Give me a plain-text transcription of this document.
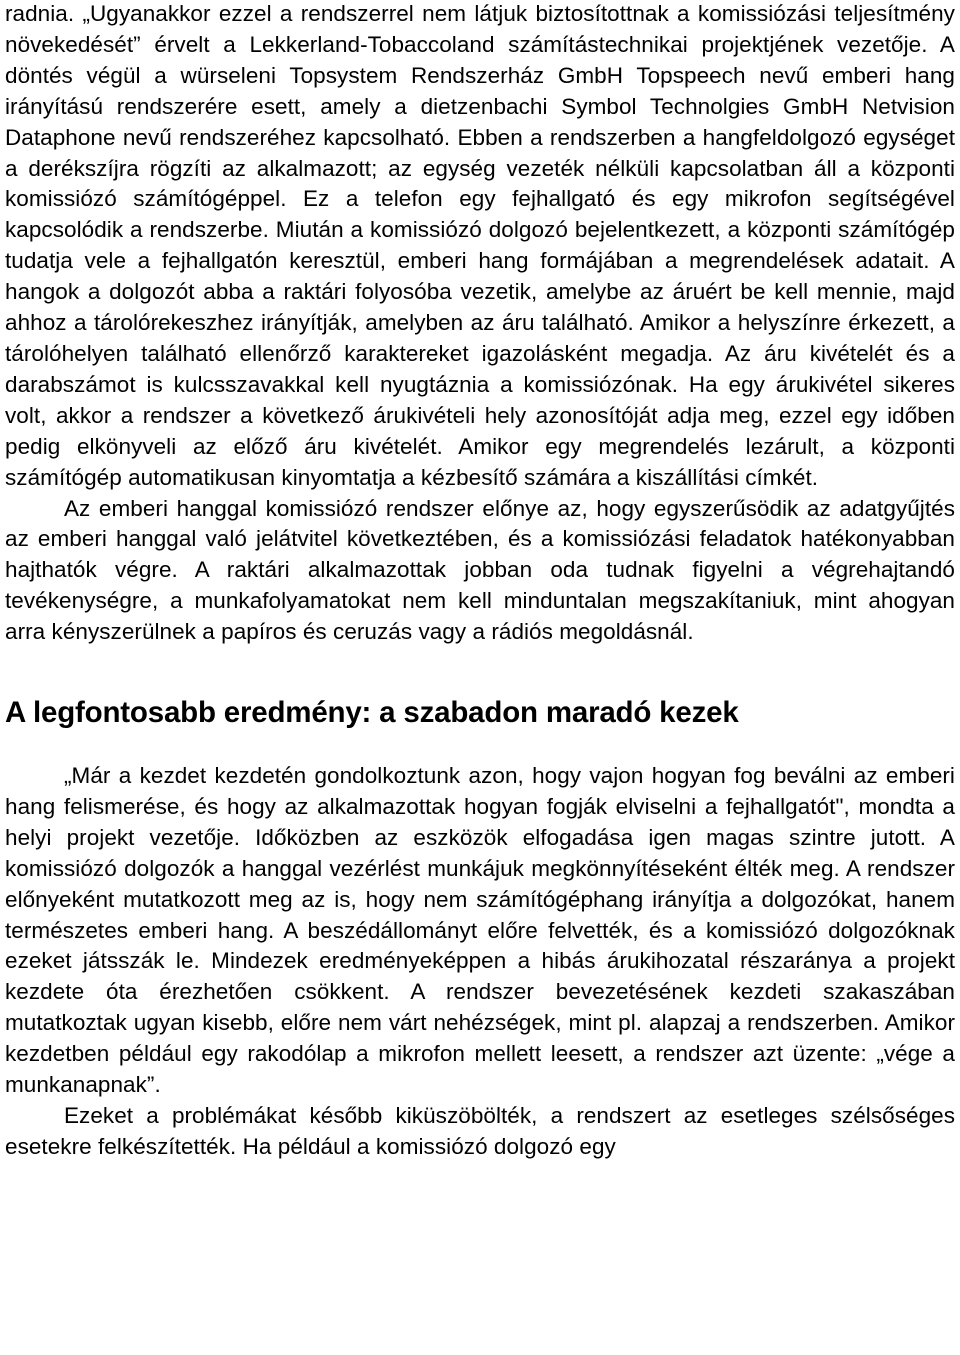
radnia. „Ugyanakkor ezzel a rendszerrel nem látjuk biztosítottnak a komissiózási teljesítmény növekedését” érvelt a Lekkerland-Tobaccoland számítástechnikai projektjének vezetője. A döntés végül a würseleni Topsystem Rendszerház GmbH Topspeech nevű emberi hang irányítású rendszerére esett, amely a dietzenbachi Symbol Technolgies GmbH Netvision Dataphone nevű rendszeréhez kapcsolható. Ebben a rendszerben a hangfeldolgozó egységet a derékszíjra rögzíti az alkalmazott; az egység vezeték nélküli kapcsolatban áll a központi komissiózó számítógéppel. Ez a telefon egy fejhallgató és egy mikrofon segítségével kapcsolódik a rendszerbe. Miután a komissiózó dolgozó bejelentkezett, a központi számítógép tudatja vele a fejhallgatón keresztül, emberi hang formájában a megrendelések adatait. A hangok a dolgozót abba a raktári folyosóba vezetik, amelybe az áruért be kell mennie, majd ahhoz a tárolórekeszhez irányítják, amelyben az áru található. Amikor a helyszínre érkezett, a tárolóhelyen található ellenőrző karaktereket igazolásként megadja. Az áru kivételét és a darabszámot is kulcsszavakkal kell nyugtáznia a komissiózónak. Ha egy árukivétel sikeres volt, akkor a rendszer a következő árukivételi hely azonosítóját adja meg, ezzel egy időben pedig elkönyveli az előző áru kivételét. Amikor egy megrendelés lezárult, a központi számítógép automatikusan kinyomtatja a kézbesítő számára a kiszállítási címkét.

Az emberi hanggal komissiózó rendszer előnye az, hogy egyszerűsödik az adatgyűjtés az emberi hanggal való jelátvitel következtében, és a komissiózási feladatok hatékonyabban hajthatók végre. A raktári alkalmazottak jobban oda tudnak figyelni a végrehajtandó tevékenységre, a munkafolyamatokat nem kell minduntalan megszakítaniuk, mint ahogyan arra kényszerülnek a papíros és ceruzás vagy a rádiós megoldásnál.

A legfontosabb eredmény: a szabadon maradó kezek

„Már a kezdet kezdetén gondolkoztunk azon, hogy vajon hogyan fog beválni az emberi hang felismerése, és hogy az alkalmazottak hogyan fogják elviselni a fejhallgatót", mondta a helyi projekt vezetője. Időközben az eszközök elfogadása igen magas szintre jutott. A komissiózó dolgozók a hanggal vezérlést munkájuk megkönnyítéseként élték meg. A rendszer előnyeként mutatkozott meg az is, hogy nem számítógéphang irányítja a dolgozókat, hanem természetes emberi hang. A beszédállományt előre felvették, és a komissiózó dolgozóknak ezeket játsszák le. Mindezek eredményeképpen a hibás árukihozatal részaránya a projekt kezdete óta érezhetően csökkent. A rendszer bevezetésének kezdeti szakaszában mutatkoztak ugyan kisebb, előre nem várt nehézségek, mint pl. alapzaj a rendszerben. Amikor kezdetben például egy rakodólap a mikrofon mellett leesett, a rendszer azt üzente: „vége a munkanapnak”.

Ezeket a problémákat később kiküszöbölték, a rendszert az esetleges szélsőséges esetekre felkészítették. Ha például a komissiózó dolgozó egy
